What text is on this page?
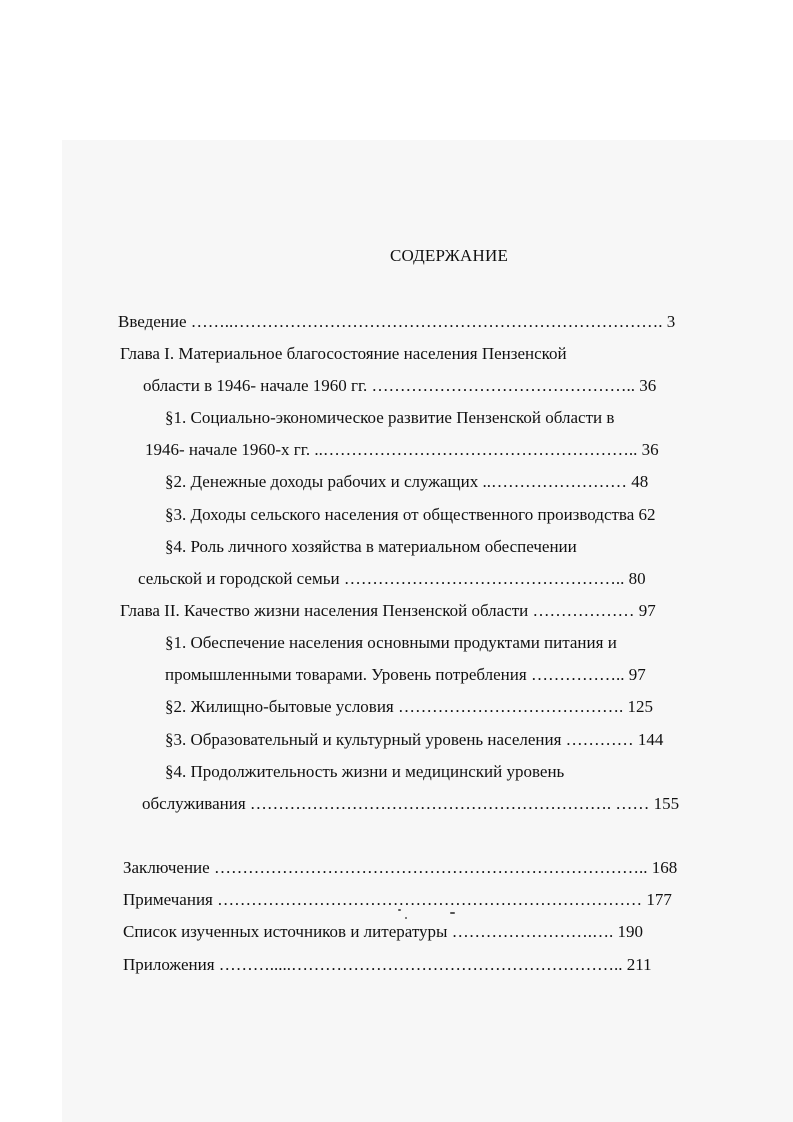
СОДЕРЖАНИЕ
Введение ……..…………………………………………………………………. 3
Глава I. Материальное благосостояние населения Пензенской
области в 1946- начале 1960 гг. ……………………………………….. 36
§1. Социально-экономическое развитие Пензенской области в
1946- начале 1960-х гг. ..……………………………………………….. 36
§2. Денежные доходы рабочих и служащих ..…………………… 48
§3. Доходы сельского населения от общественного производства 62
§4. Роль личного хозяйства в материальном обеспечении
сельской и городской семьи ………………………………………….. 80
Глава II. Качество жизни населения Пензенской области ……………… 97
§1. Обеспечение населения основными продуктами питания и
промышленными товарами. Уровень потребления …………….. 97
§2. Жилищно-бытовые условия …………………………………. 125
§3. Образовательный и культурный уровень населения ………… 144
§4. Продолжительность жизни и медицинский уровень
обслуживания ………………………………………………………. …… 155
Заключение ………………………………………………………………….. 168
Примечания ………………………………………………………………… 177
Список изученных источников и литературы …………………….…. 190
Приложения ……….....………………………………………………….. 211
